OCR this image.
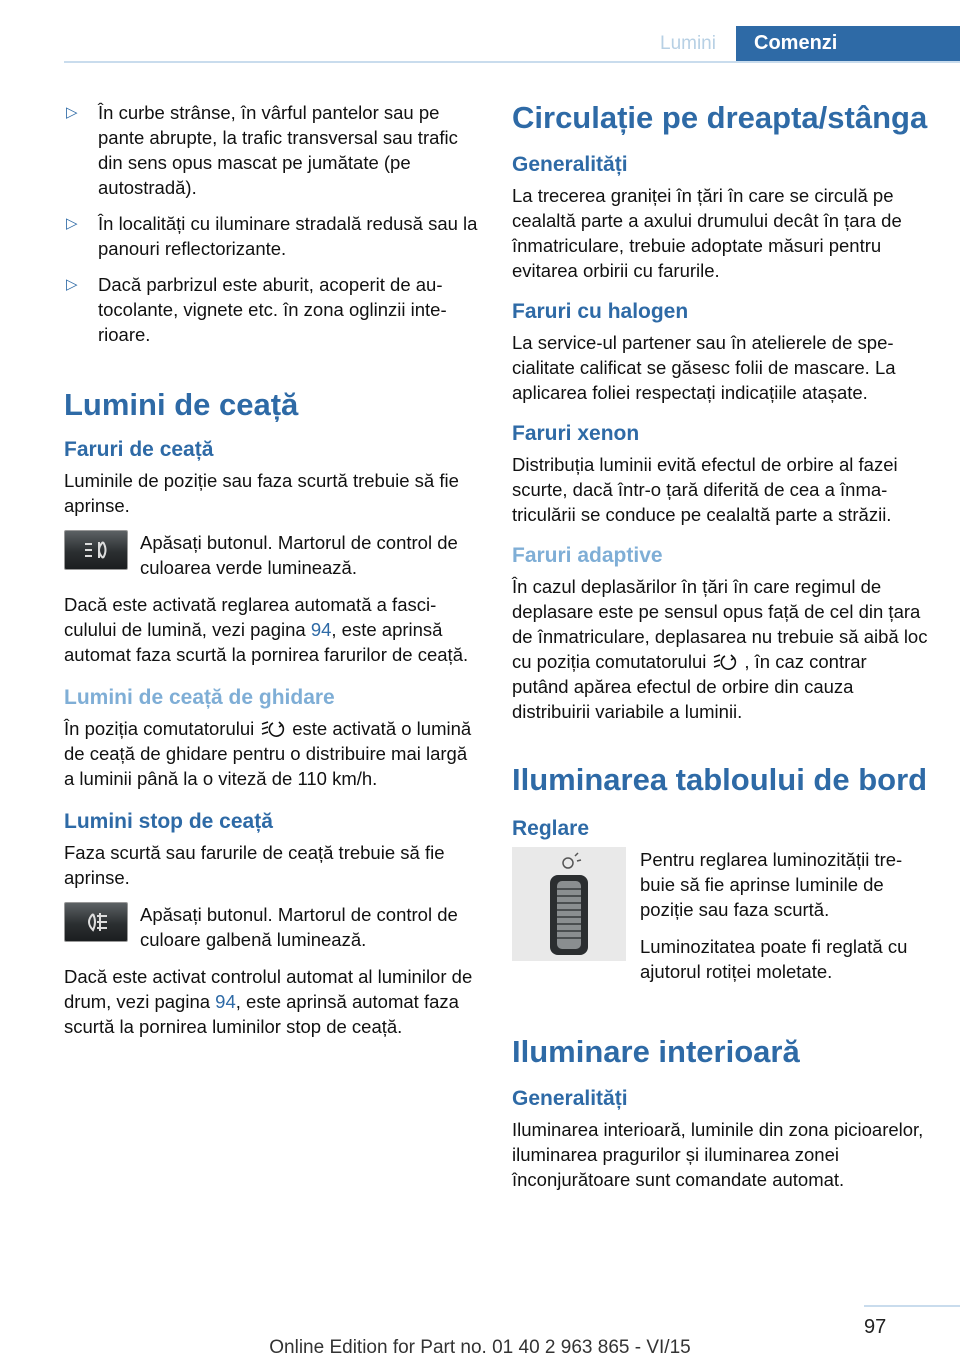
Lumini	Comenzi
▷ În curbe strânse, în vârful pantelor sau pe pante abrupte, la trafic transversal sau trafic din sens opus mascat pe jumătate (pe autostradă).
▷ În localități cu iluminare stradală redusă sau la panouri reflectorizante.
▷ Dacă parbrizul este aburit, acoperit de autocolante, vignete etc. în zona oglinzii interioare.
Lumini de ceață
Faruri de ceață

Luminile de poziție sau faza scurtă trebuie să fie aprinse.

Apăsați butonul. Martorul de control de culoarea verde luminează.

Dacă este activată reglarea automată a fasciculului de lumină, vezi pagina 94, este aprinsă automat faza scurtă la pornirea farurilor de ceață.

Lumini de ceață de ghidare

În poziția comutatorului este activată o lumină de ceață de ghidare pentru o distribuire mai largă a luminii până la o viteză de 110 km/h.

Lumini stop de ceață

Faza scurtă sau farurile de ceață trebuie să fie aprinse.

Apăsați butonul. Martorul de control de culoare galbenă luminează.

Dacă este activat controlul automat al luminilor de drum, vezi pagina 94, este aprinsă automat faza scurtă la pornirea luminilor stop de ceață.

Circulație pe dreapta/stânga
Generalități

La trecerea graniței în țări în care se circulă pe cealaltă parte a axului drumului decât în țara de înmatriculare, trebuie adoptate măsuri pentru evitarea orbirii cu farurile.

Faruri cu halogen

La service-ul partener sau în atelierele de specialitate calificat se găsesc folii de mascare. La aplicarea foliei respectați indicațiile atașate.

Faruri xenon

Distribuția luminii evită efectul de orbire al fazei scurte, dacă într-o țară diferită de cea a înmatriculării se conduce pe cealaltă parte a străzii.

Faruri adaptive

În cazul deplasărilor în țări în care regimul de deplasare este pe sensul opus față de cel din țara de înmatriculare, deplasarea nu trebuie să aibă loc cu poziția comutatorului , în caz contrar putând apărea efectul de orbire din cauza distribuirii variabile a luminii.

Iluminarea tabloului de bord
Reglare

Pentru reglarea luminozității trebuie să fie aprinse luminile de poziție sau faza scurtă.

Luminozitatea poate fi reglată cu ajutorul rotiței moletate.

Iluminare interioară
Generalități

Iluminarea interioară, luminile din zona picioarelor, iluminarea pragurilor și iluminarea zonei înconjurătoare sunt comandate automat.

97
Online Edition for Part no. 01 40 2 963 865 - VI/15
